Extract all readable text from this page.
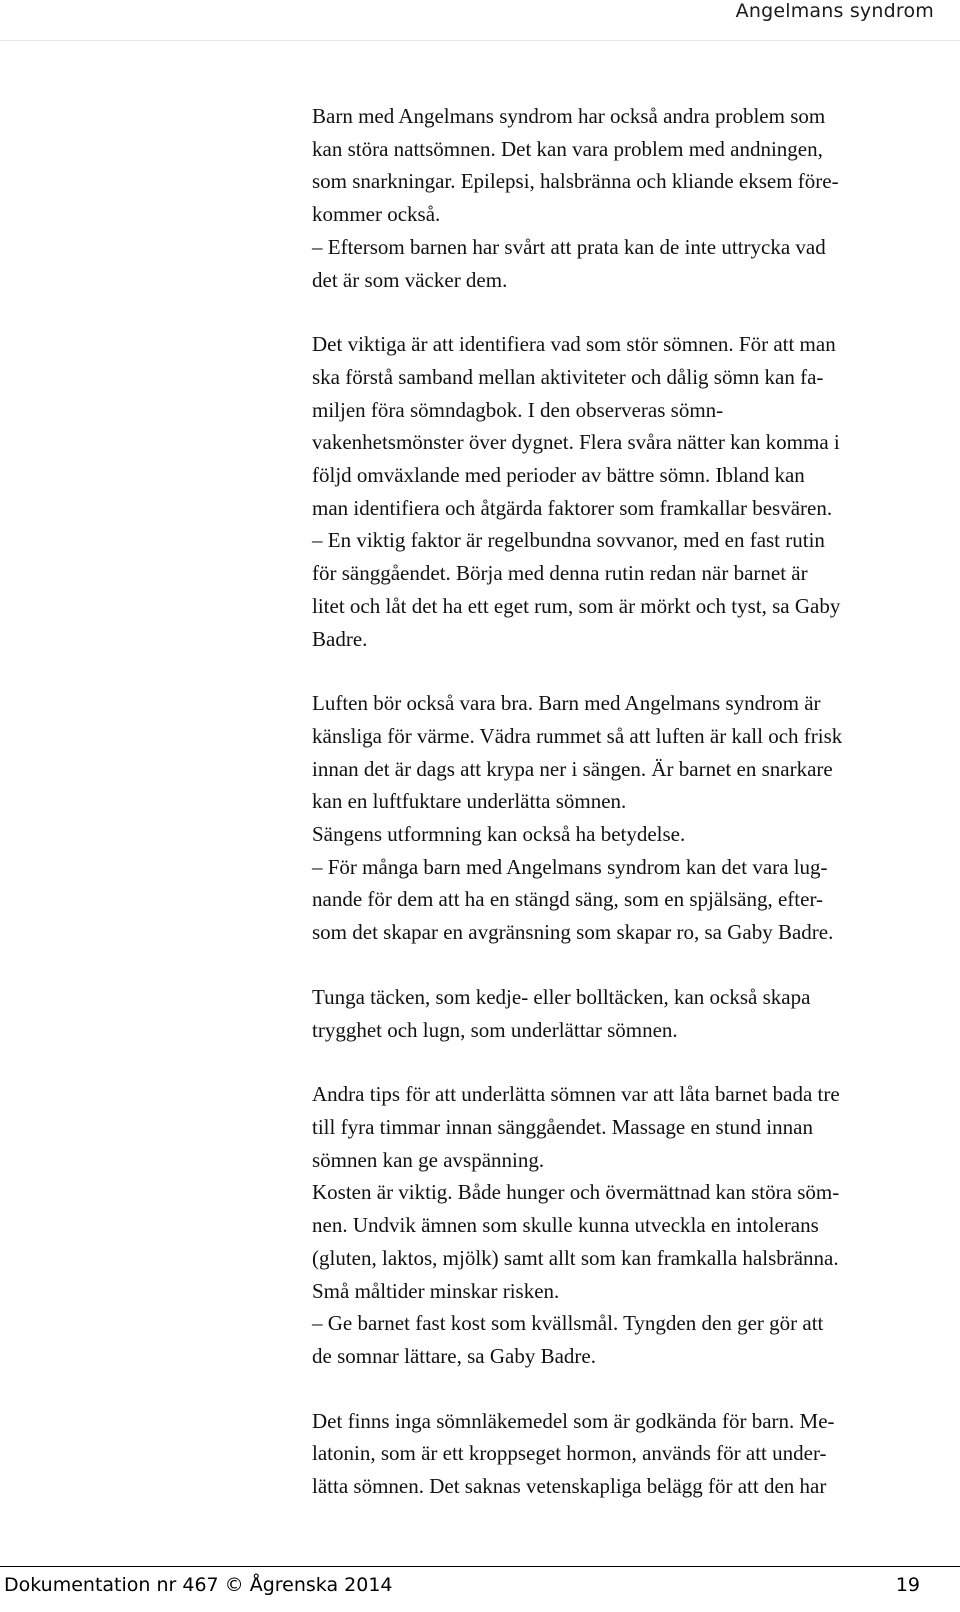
Angelmans syndrom

Barn med Angelmans syndrom har också andra problem som
kan störa nattsömnen. Det kan vara problem med andningen,
som snarkningar. Epilepsi, halsbränna och kliande eksem före-
kommer också.
– Eftersom barnen har svårt att prata kan de inte uttrycka vad
det är som väcker dem.

Det viktiga är att identifiera vad som stör sömnen. För att man
ska förstå samband mellan aktiviteter och dålig sömn kan fa-
miljen föra sömndagbok. I den observeras sömn-
vakenhetsmönster över dygnet. Flera svåra nätter kan komma i
följd omväxlande med perioder av bättre sömn. Ibland kan
man identifiera och åtgärda faktorer som framkallar besvären.
– En viktig faktor är regelbundna sovvanor, med en fast rutin
för sänggåendet. Börja med denna rutin redan när barnet är
litet och låt det ha ett eget rum, som är mörkt och tyst, sa Gaby
Badre.

Luften bör också vara bra. Barn med Angelmans syndrom är
känsliga för värme. Vädra rummet så att luften är kall och frisk
innan det är dags att krypa ner i sängen. Är barnet en snarkare
kan en luftfuktare underlätta sömnen.
Sängens utformning kan också ha betydelse.
– För många barn med Angelmans syndrom kan det vara lug-
nande för dem att ha en stängd säng, som en spjälsäng, efter-
som det skapar en avgränsning som skapar ro, sa Gaby Badre.

Tunga täcken, som kedje- eller bolltäcken, kan också skapa
trygghet och lugn, som underlättar sömnen.

Andra tips för att underlätta sömnen var att låta barnet bada tre
till fyra timmar innan sänggåendet. Massage en stund innan
sömnen kan ge avspänning.
Kosten är viktig. Både hunger och övermättnad kan störa söm-
nen. Undvik ämnen som skulle kunna utveckla en intolerans
(gluten, laktos, mjölk) samt allt som kan framkalla halsbränna.
Små måltider minskar risken.
– Ge barnet fast kost som kvällsmål. Tyngden den ger gör att
de somnar lättare, sa Gaby Badre.

Det finns inga sömnläkemedel som är godkända för barn. Me-
latonin, som är ett kroppseget hormon, används för att under-
lätta sömnen. Det saknas vetenskapliga belägg för att den har

Dokumentation nr 467 © Ågrenska 2014	19
